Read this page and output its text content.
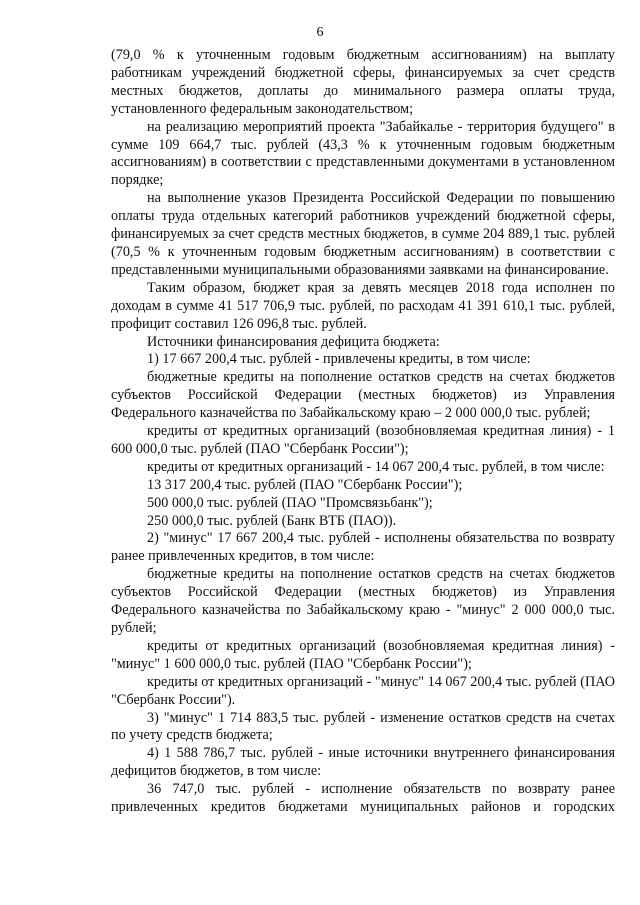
6

(79,0 % к уточненным годовым бюджетным ассигнованиям) на выплату работникам учреждений бюджетной сферы, финансируемых за счет средств местных бюджетов, доплаты до минимального размера оплаты труда, установленного федеральным законодательством;

на реализацию мероприятий проекта "Забайкалье - территория будущего" в сумме 109 664,7 тыс. рублей (43,3 % к уточненным годовым бюджетным ассигнованиям) в соответствии с представленными документами в установленном порядке;

на выполнение указов Президента Российской Федерации по повышению оплаты труда отдельных категорий работников учреждений бюджетной сферы, финансируемых за счет средств местных бюджетов, в сумме 204 889,1 тыс. рублей (70,5 % к уточненным годовым бюджетным ассигнованиям) в соответствии с представленными муниципальными образованиями заявками на финансирование.

Таким образом, бюджет края за девять месяцев 2018 года исполнен по доходам в сумме 41 517 706,9 тыс. рублей, по расходам 41 391 610,1 тыс. рублей, профицит составил 126 096,8 тыс. рублей.

Источники финансирования дефицита бюджета:

1) 17 667 200,4 тыс. рублей - привлечены кредиты, в том числе:

бюджетные кредиты на пополнение остатков средств на счетах бюджетов субъектов Российской Федерации (местных бюджетов) из Управления Федерального казначейства по Забайкальскому краю – 2 000 000,0 тыс. рублей;

кредиты от кредитных организаций (возобновляемая кредитная линия) - 1 600 000,0 тыс. рублей (ПАО "Сбербанк России");

кредиты от кредитных организаций - 14 067 200,4 тыс. рублей, в том числе:

13 317 200,4 тыс. рублей (ПАО "Сбербанк России");

500 000,0 тыс. рублей (ПАО "Промсвязьбанк");

250 000,0 тыс. рублей (Банк ВТБ (ПАО)).

2) "минус" 17 667 200,4 тыс. рублей - исполнены обязательства по возврату ранее привлеченных кредитов, в том числе:

бюджетные кредиты на пополнение остатков средств на счетах бюджетов субъектов Российской Федерации (местных бюджетов) из Управления Федерального казначейства по Забайкальскому краю - "минус" 2 000 000,0 тыс. рублей;

кредиты от кредитных организаций (возобновляемая кредитная линия) - "минус" 1 600 000,0 тыс. рублей (ПАО "Сбербанк России");

кредиты от кредитных организаций - "минус" 14 067 200,4 тыс. рублей (ПАО "Сбербанк России").

3) "минус" 1 714 883,5 тыс. рублей - изменение остатков средств на счетах по учету средств бюджета;

4) 1 588 786,7 тыс. рублей - иные источники внутреннего финансирования дефицитов бюджетов, в том числе:

36 747,0 тыс. рублей - исполнение обязательств по возврату ранее привлеченных кредитов бюджетами муниципальных районов и городских
